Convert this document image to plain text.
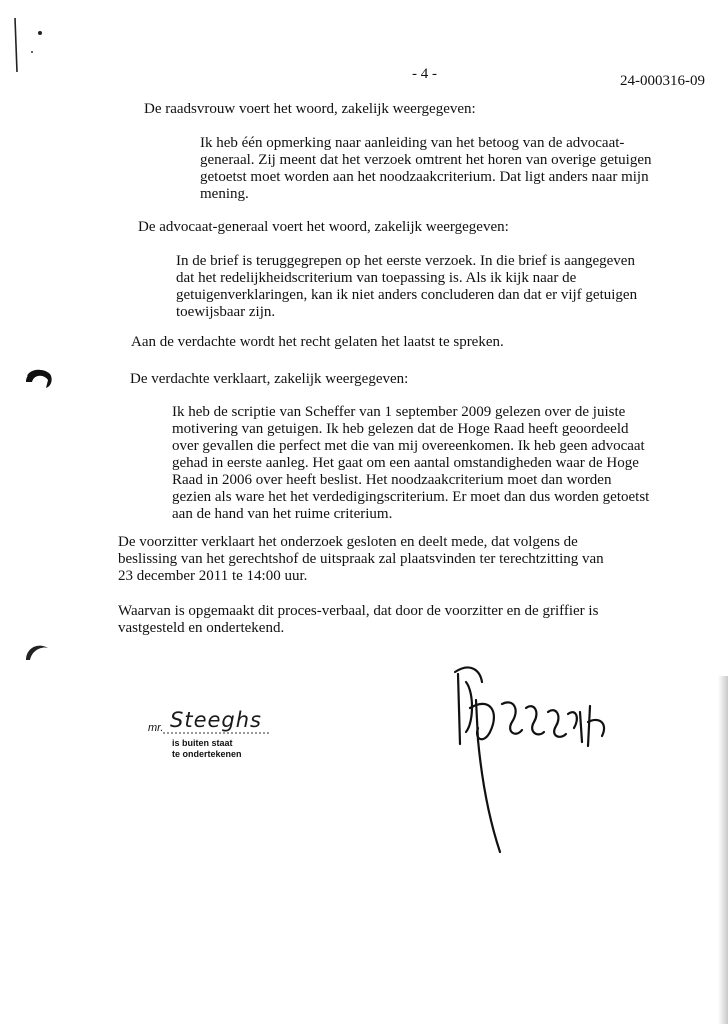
- 4 -	24-000316-09
De raadsvrouw voert het woord, zakelijk weergegeven:
Ik heb één opmerking naar aanleiding van het betoog van de advocaat-
generaal. Zij meent dat het verzoek omtrent het horen van overige getuigen
getoetst moet worden aan het noodzaakcriterium. Dat ligt anders naar mijn
mening.
De advocaat-generaal voert het woord, zakelijk weergegeven:
In de brief is teruggegrepen op het eerste verzoek. In die brief is aangegeven
dat het redelijkheidscriterium van toepassing is. Als ik kijk naar de
getuigenverklaringen, kan ik niet anders concluderen dan dat er vijf getuigen
toewijsbaar zijn.
Aan de verdachte wordt het recht gelaten het laatst te spreken.
De verdachte verklaart, zakelijk weergegeven:
Ik heb de scriptie van Scheffer van 1 september 2009 gelezen over de juiste
motivering van getuigen. Ik heb gelezen dat de Hoge Raad heeft geoordeeld
over gevallen die perfect met die van mij overeenkomen. Ik heb geen advocaat
gehad in eerste aanleg. Het gaat om een aantal omstandigheden waar de Hoge
Raad in 2006 over heeft beslist. Het noodzaakcriterium moet dan worden
gezien als ware het het verdedigingscriterium. Er moet dan dus worden getoetst
aan de hand van het ruime criterium.
De voorzitter verklaart het onderzoek gesloten en deelt mede, dat volgens de
beslissing van het gerechtshof de uitspraak zal plaatsvinden ter terechtzitting van
23 december 2011 te 14:00 uur.
Waarvan is opgemaakt dit proces-verbaal, dat door de voorzitter en de griffier is
vastgesteld en ondertekend.
mr. Steeghs
is buiten staat
te ondertekenen
